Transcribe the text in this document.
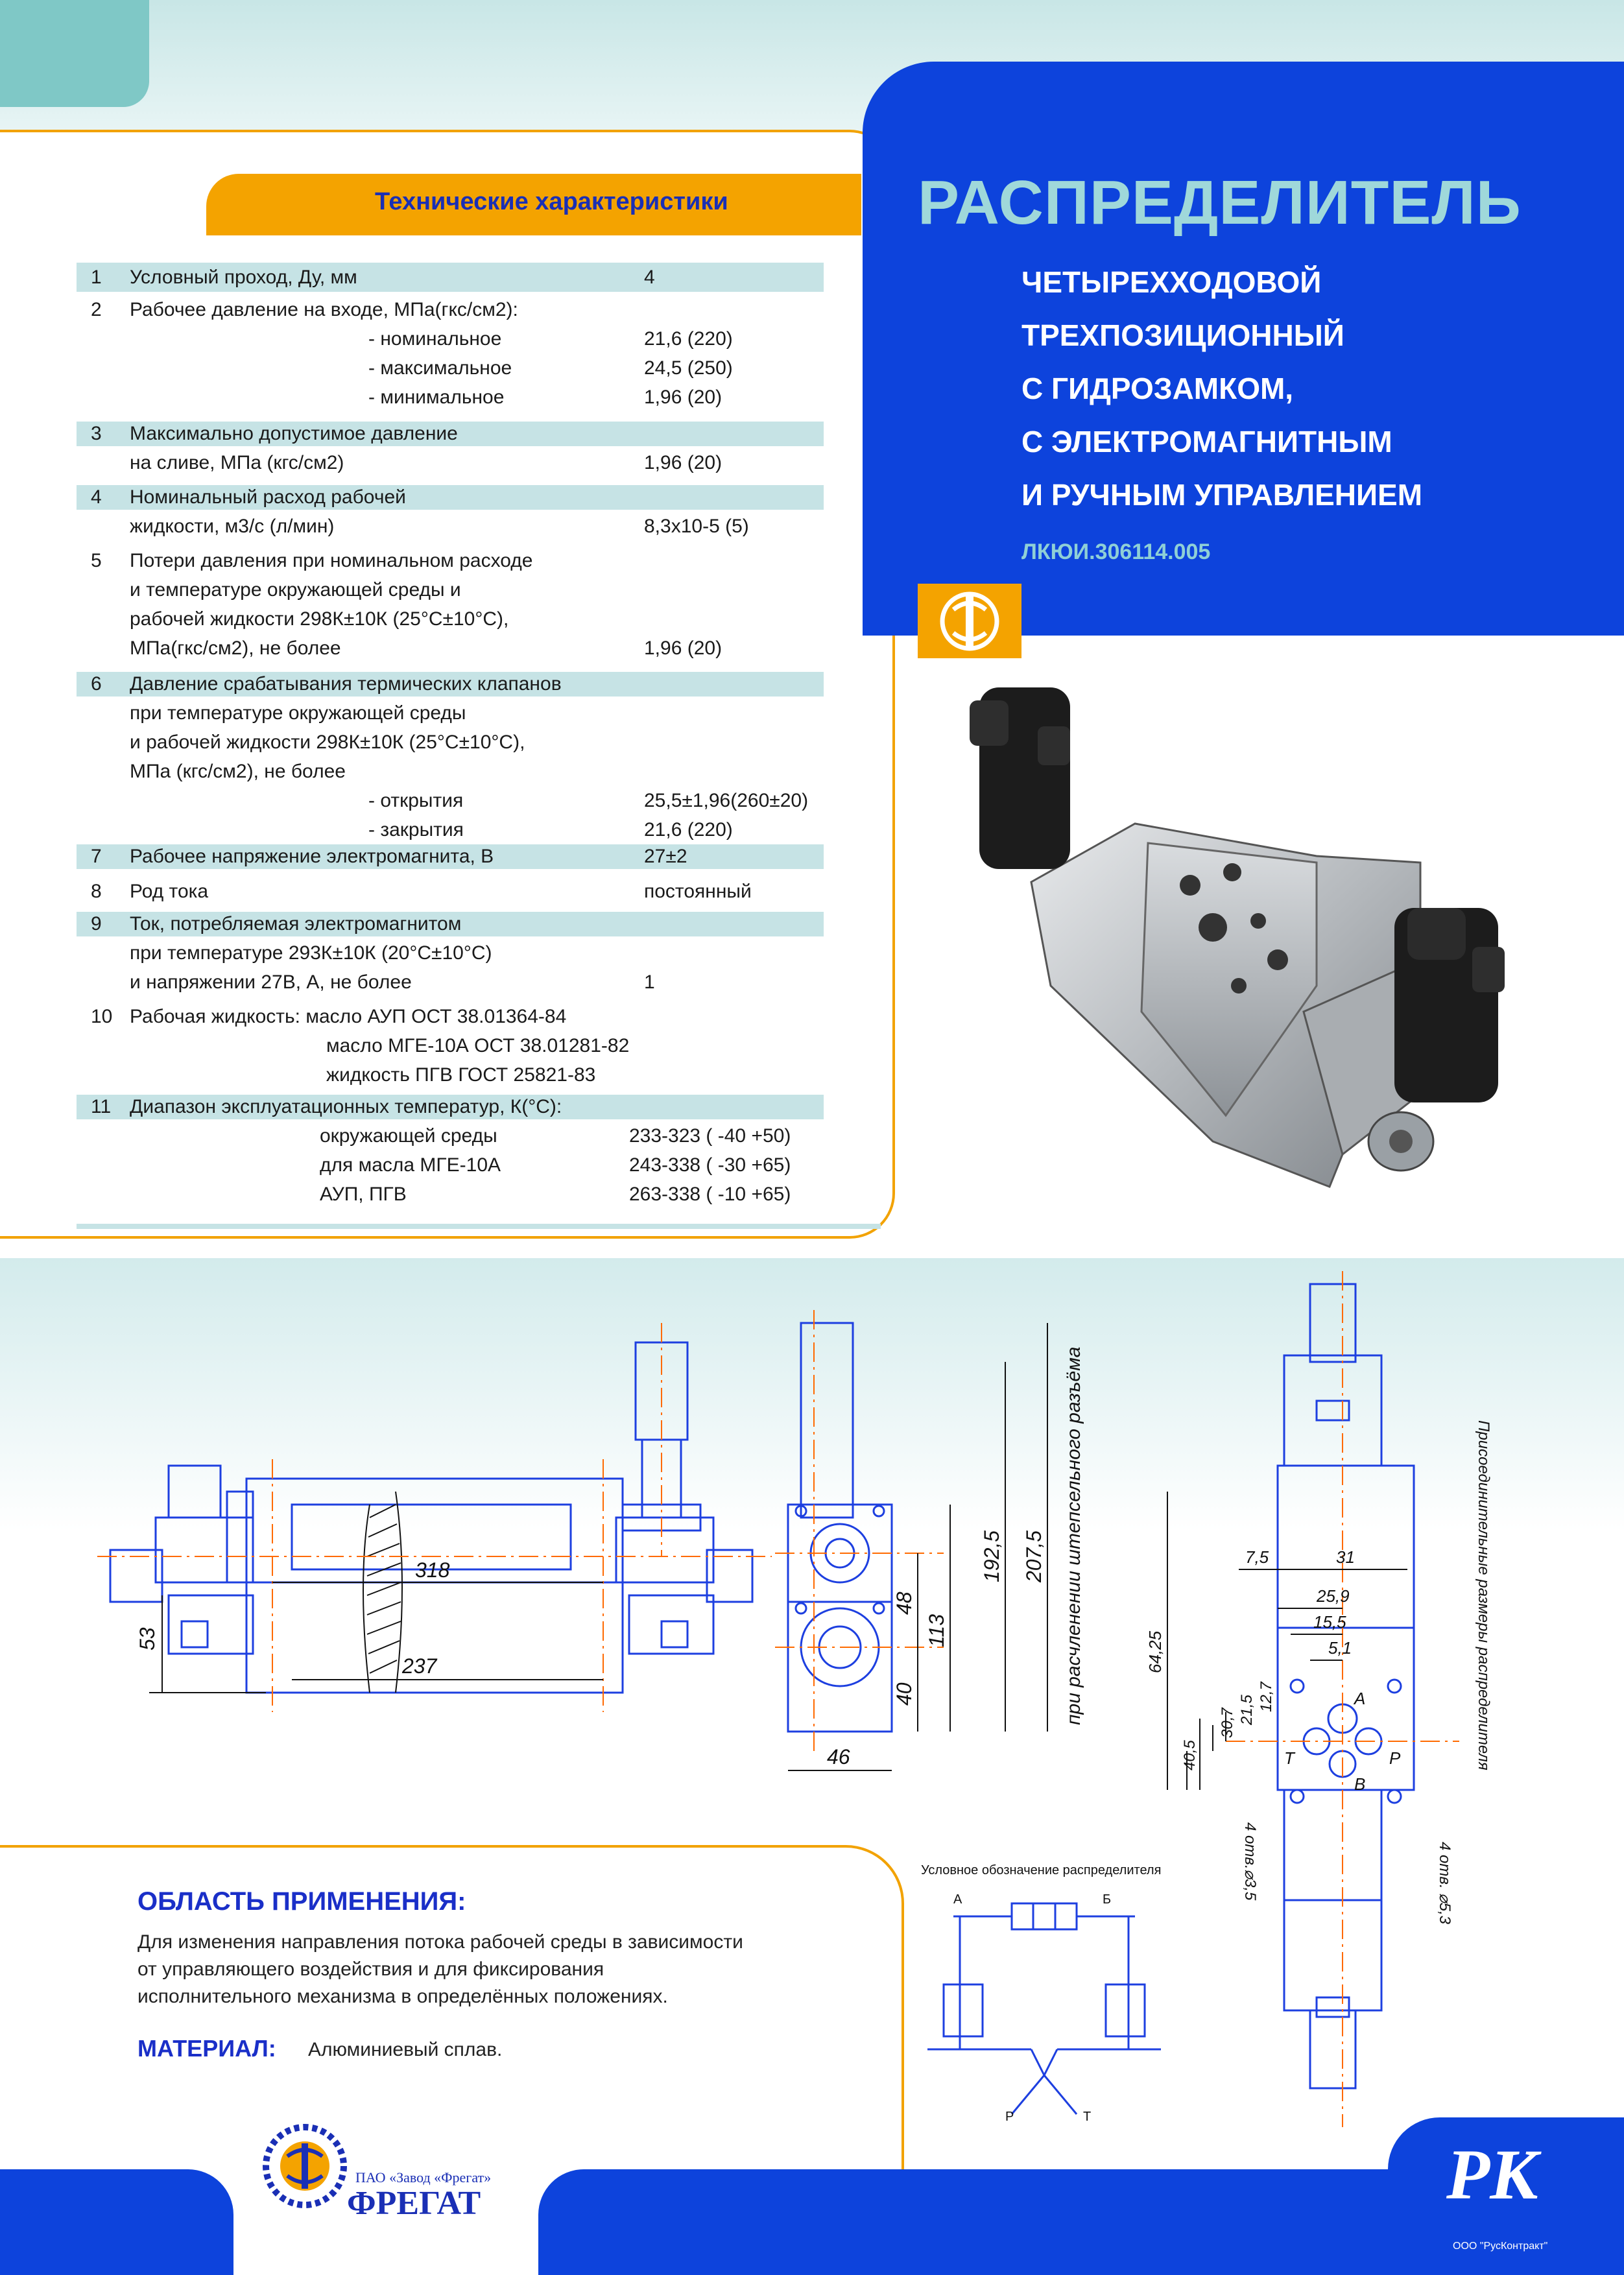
Технические характеристики
1 Условный проход, Ду, мм	4
2 Рабочее давление на входе, МПа(гкс/см2):
- номинальное	21,6 (220)
- максимальное	24,5 (250)
- минимальное	1,96 (20)
3 Максимально допустимое давление
на сливе, МПа (кгс/см2)	1,96 (20)
4 Номинальный расход рабочей
жидкости, м3/с (л/мин)	8,3x10-5 (5)
5 Потери давления при номинальном расходе
и температуре окружающей среды и
рабочей жидкости 298К±10К (25°С±10°С),
МПа(гкс/см2), не более	1,96 (20)
6 Давление срабатывания термических клапанов
при температуре окружающей среды
и рабочей жидкости 298К±10К (25°С±10°С),
МПа (кгс/см2), не более
- открытия	25,5±1,96(260±20)
- закрытия	21,6 (220)
7 Рабочее напряжение электромагнита, В	27±2
8 Род тока	постоянный
9 Ток, потребляемая электромагнитом
при температуре 293К±10К (20°С±10°С)
и напряжении 27В, А, не более	1
10 Рабочая жидкость: масло АУП ОСТ 38.01364-84
масло МГЕ-10А ОСТ 38.01281-82
жидкость ПГВ ГОСТ 25821-83
11 Диапазон эксплуатационных температур, К(°С):
окружающей среды	233-323 ( -40 +50)
для масла МГЕ-10А	243-338 ( -30 +65)
АУП, ПГВ	263-338 ( -10 +65)
РАСПРЕДЕЛИТЕЛЬ
ЧЕТЫРЕХХОДОВОЙ
ТРЕХПОЗИЦИОННЫЙ
С ГИДРОЗАМКОМ,
С ЭЛЕКТРОМАГНИТНЫМ
И РУЧНЫМ УПРАВЛЕНИЕМ
ЛКЮИ.306114.005
318
237
53
48
40
113
192,5 207,5
46
при расчленении штепсельного разъёма	64,25
7,5	31
25,9
15,5
5,1
12,7
21,5
30,7
40,5
А
В
Р
Т
4 отв.⌀3,5	4 отв. ⌀5,3
Присоединительные размеры распределителя
ОБЛАСТЬ ПРИМЕНЕНИЯ:
Для изменения направления потока рабочей среды в зависимости
от управляющего воздействия и для фиксирования
исполнительного механизма в определённых положениях.
МАТЕРИАЛ: Алюминиевый сплав.
Условное обозначение распределителя
А	Б
Р	Т
ПАО «Завод «Фрегат»
ФРЕГАТ	РК
ООО "РусКонтракт"
